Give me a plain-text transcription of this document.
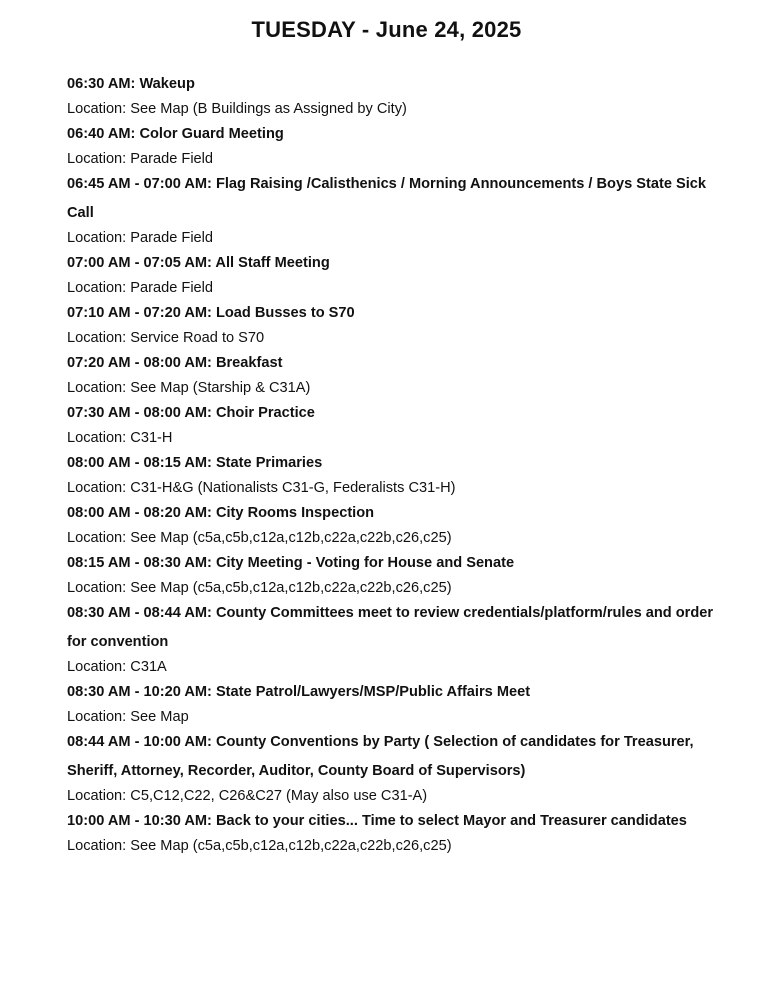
TUESDAY - June 24, 2025
06:30 AM: Wakeup
Location: See Map (B Buildings as Assigned by City)
06:40 AM: Color Guard Meeting
Location: Parade Field
06:45 AM - 07:00 AM: Flag Raising /Calisthenics / Morning Announcements / Boys State Sick Call
Location: Parade Field
07:00 AM - 07:05 AM: All Staff Meeting
Location: Parade Field
07:10 AM - 07:20 AM: Load Busses to S70
Location: Service Road to S70
07:20 AM - 08:00 AM: Breakfast
Location: See Map (Starship & C31A)
07:30 AM - 08:00 AM: Choir Practice
Location: C31-H
08:00 AM - 08:15 AM: State Primaries
Location: C31-H&G (Nationalists C31-G, Federalists C31-H)
08:00 AM - 08:20 AM: City Rooms Inspection
Location: See Map (c5a,c5b,c12a,c12b,c22a,c22b,c26,c25)
08:15 AM - 08:30 AM: City Meeting - Voting for House and Senate
Location: See Map (c5a,c5b,c12a,c12b,c22a,c22b,c26,c25)
08:30 AM - 08:44 AM: County Committees meet to review credentials/platform/rules and order for convention
Location: C31A
08:30 AM - 10:20 AM: State Patrol/Lawyers/MSP/Public Affairs Meet
Location: See Map
08:44 AM - 10:00 AM: County Conventions by Party ( Selection of candidates for Treasurer, Sheriff, Attorney, Recorder, Auditor, County Board of Supervisors)
Location: C5,C12,C22, C26&C27 (May also use C31-A)
10:00 AM - 10:30 AM: Back to your cities... Time to select Mayor and Treasurer candidates
Location: See Map (c5a,c5b,c12a,c12b,c22a,c22b,c26,c25)
